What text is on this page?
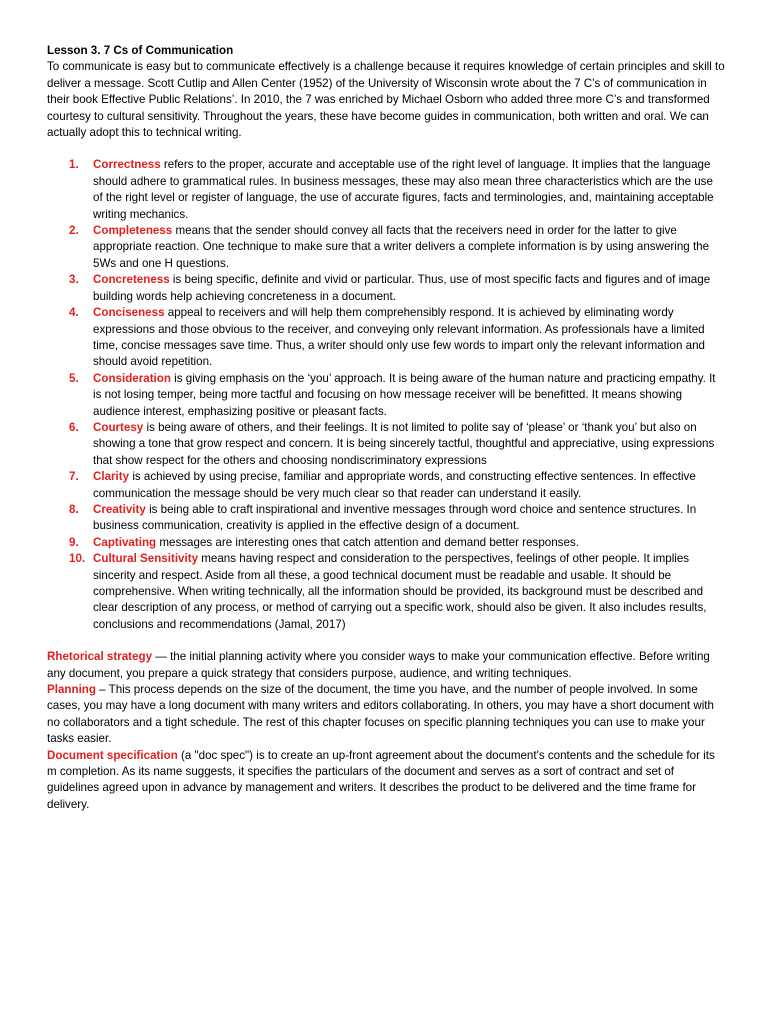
Lesson 3. 7 Cs of Communication

To communicate is easy but to communicate effectively is a challenge because it requires knowledge of certain principles and skill to deliver a message. Scott Cutlip and Allen Center (1952) of the University of Wisconsin wrote about the 7 C’s of communication in their book Effective Public Relations’. In 2010, the 7 was enriched by Michael Osborn who added three more C’s and transformed courtesy to cultural sensitivity. Throughout the years, these have become guides in communication, both written and oral. We can actually adopt this to technical writing.

1. Correctness refers to the proper, accurate and acceptable use of the right level of language. It implies that the language should adhere to grammatical rules. In business messages, these may also mean three characteristics which are the use of the right level or register of language, the use of accurate figures, facts and terminologies, and, maintaining acceptable writing mechanics.
2. Completeness means that the sender should convey all facts that the receivers need in order for the latter to give appropriate reaction. One technique to make sure that a writer delivers a complete information is by using answering the 5Ws and one H questions.
3. Concreteness is being specific, definite and vivid or particular. Thus, use of most specific facts and figures and of image building words help achieving concreteness in a document.
4. Conciseness appeal to receivers and will help them comprehensibly respond. It is achieved by eliminating wordy expressions and those obvious to the receiver, and conveying only relevant information. As professionals have a limited time, concise messages save time. Thus, a writer should only use few words to impart only the relevant information and should avoid repetition.
5. Consideration is giving emphasis on the ‘you’ approach. It is being aware of the human nature and practicing empathy. It is not losing temper, being more tactful and focusing on how message receiver will be benefitted. It means showing audience interest, emphasizing positive or pleasant facts.
6. Courtesy is being aware of others, and their feelings. It is not limited to polite say of ‘please’ or ‘thank you’ but also on showing a tone that grow respect and concern. It is being sincerely tactful, thoughtful and appreciative, using expressions that show respect for the others and choosing nondiscriminatory expressions
7. Clarity is achieved by using precise, familiar and appropriate words, and constructing effective sentences. In effective communication the message should be very much clear so that reader can understand it easily.
8. Creativity is being able to craft inspirational and inventive messages through word choice and sentence structures. In business communication, creativity is applied in the effective design of a document.
9. Captivating messages are interesting ones that catch attention and demand better responses.
10. Cultural Sensitivity means having respect and consideration to the perspectives, feelings of other people. It implies sincerity and respect. Aside from all these, a good technical document must be readable and usable. It should be comprehensive. When writing technically, all the information should be provided, its background must be described and clear description of any process, or method of carrying out a specific work, should also be given. It also includes results, conclusions and recommendations (Jamal, 2017)

Rhetorical strategy — the initial planning activity where you consider ways to make your communication effective. Before writing any document, you prepare a quick strategy that considers purpose, audience, and writing techniques.

Planning – This process depends on the size of the document, the time you have, and the number of people involved. In some cases, you may have a long document with many writers and editors collaborating. In others, you may have a short document with no collaborators and a tight schedule. The rest of this chapter focuses on specific planning techniques you can use to make your tasks easier.

Document specification (a "doc spec") is to create an up-front agreement about the document's contents and the schedule for its m completion. As its name suggests, it specifies the particulars of the document and serves as a sort of contract and set of guidelines agreed upon in advance by management and writers. It describes the product to be delivered and the time frame for delivery.
